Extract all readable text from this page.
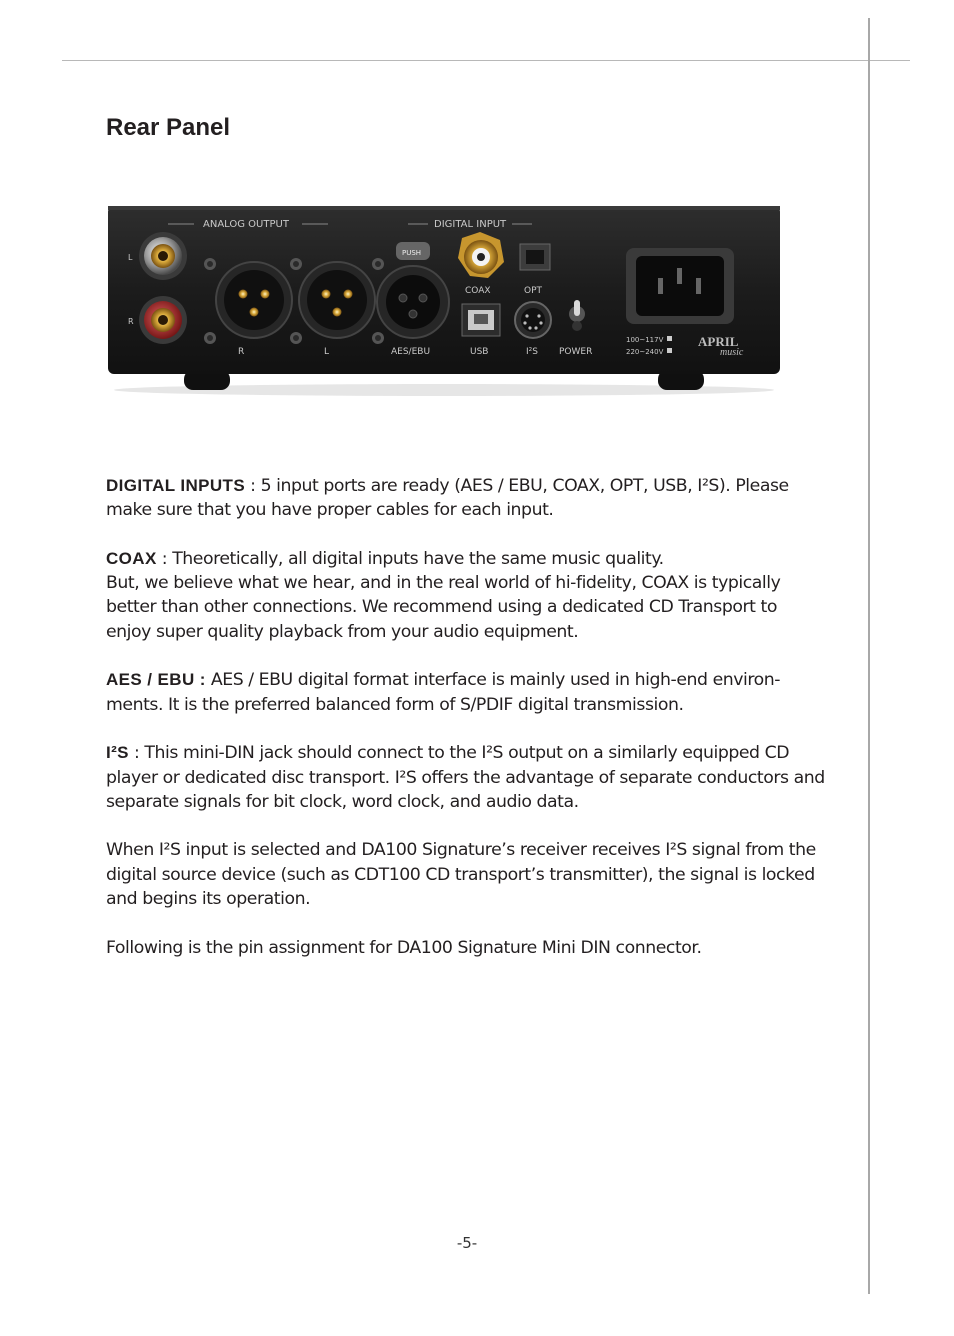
Rear Panel
ANALOG OUTPUT	DIGITAL INPUT
L
R
R	L
PUSH
AES/EBU
COAX	OPT
USB	I²S POWER
100~117V
220~240V
APRIL
music

DIGITAL INPUTS : 5 input ports are ready (AES / EBU, COAX, OPT, USB, I²S). Please make sure that you have proper cables for each input.

COAX : Theoretically, all digital inputs have the same music quality.
But, we believe what we hear, and in the real world of hi-fidelity, COAX is typically better than other connections. We recommend using a dedicated CD Transport to enjoy super quality playback from your audio equipment.

AES / EBU : AES / EBU digital format interface is mainly used in high-end environ-ments. It is the preferred balanced form of S/PDIF digital transmission.

I²S : This mini-DIN jack should connect to the I²S output on a similarly equipped CD player or dedicated disc transport. I²S offers the advantage of separate conductors and separate signals for bit clock, word clock, and audio data.

When I²S input is selected and DA100 Signature’s receiver receives I²S signal from the digital source device (such as CDT100 CD transport’s transmitter), the signal is locked and begins its operation.

Following is the pin assignment for DA100 Signature Mini DIN connector.

-5-
